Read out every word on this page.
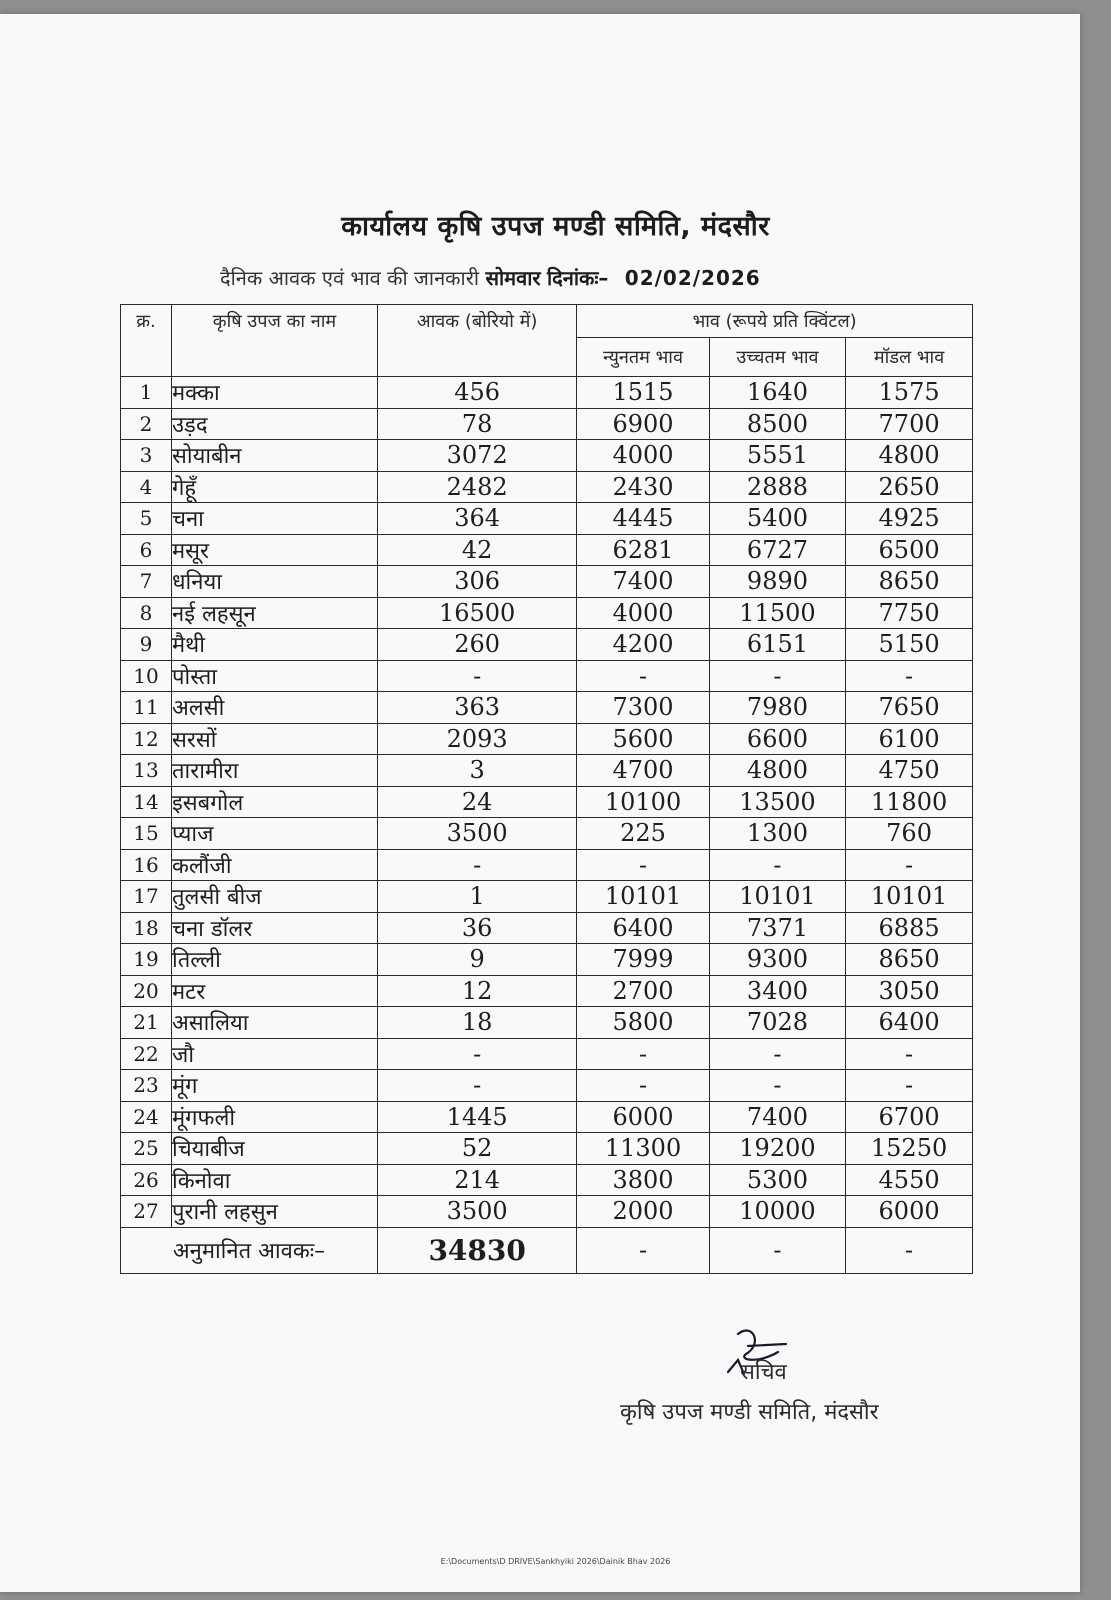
कार्यालय कृषि उपज मण्डी समिति, मंदसौर
दैनिक आवक एवं भाव की जानकारी सोमवार दिनांकः– 02/02/2026
क्र.	कृषि उपज का नाम	आवक (बोरियो में)	भाव (रूपये प्रति क्विंटल)		
			न्युनतम भाव	उच्चतम भाव	मॉडल भाव
1	मक्का	456	1515	1640	1575
2	उड़द	78	6900	8500	7700
3	सोयाबीन	3072	4000	5551	4800
4	गेहूँ	2482	2430	2888	2650
5	चना	364	4445	5400	4925
6	मसूर	42	6281	6727	6500
7	धनिया	306	7400	9890	8650
8	नई लहसून	16500	4000	11500	7750
9	मैथी	260	4200	6151	5150
10	पोस्ता	-	-	-	-
11	अलसी	363	7300	7980	7650
12	सरसों	2093	5600	6600	6100
13	तारामीरा	3	4700	4800	4750
14	इसबगोल	24	10100	13500	11800
15	प्याज	3500	225	1300	760
16	कलौंजी	-	-	-	-
17	तुलसी बीज	1	10101	10101	10101
18	चना डॉलर	36	6400	7371	6885
19	तिल्ली	9	7999	9300	8650
20	मटर	12	2700	3400	3050
21	असालिया	18	5800	7028	6400
22	जौ	-	-	-	-
23	मूंग	-	-	-	-
24	मूंगफली	1445	6000	7400	6700
25	चियाबीज	52	11300	19200	15250
26	किनोवा	214	3800	5300	4550
27	पुरानी लहसुन	3500	2000	10000	6000
अनुमानित आवकः–		34830	-	-	-
सचिव
कृषि उपज मण्डी समिति, मंदसौर
E:\Documents\D DRIVE\Sankhyiki 2026\Dainik Bhav 2026
